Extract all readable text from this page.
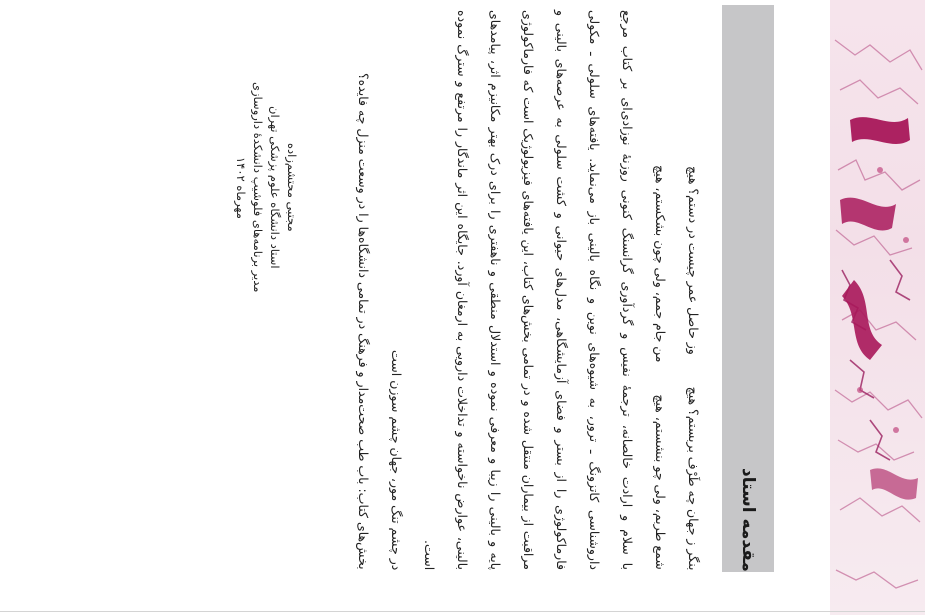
مقدمه استاد
بنگر ز جهان چه طَرْف بربستم؟ هیچ        وز حاصل عمر چیست در دستم؟ هیچ
شمع طربم، ولی چو بنشستم، هیچ        من جام جمم، ولی چون بشکستم، هیچ
با سلام و ارادت خالصانه، ترجمهٔ نفیس و گردآوری گرانسنگ کنونی روزنهٔ نوزادی‌ای بر کتاب مرجع داروشناسی کاتزونگ ـ ترور، به شیوه‌های نوین و نگاه بالینی باز می‌نماید. یافته‌های سلولی ـ مکولی فارماکولوژی را از بستر و فضای آزمایشگاهی، مدل‌های حیوانی و کشت سلولی به عرصه‌های بالینی و مراقبت از بیماران منتقل شده و در تمامی بخش‌های کتاب، این یافته‌های فیزیولوژیک است که فارماکولوژی پایه و بالینی را زیبا و معرفی نموده و استدلال منطقی و ناهفتری را برای درک بهتر مکانیزم اثر، پیامدهای بالینی، عوارض ناخواسته و تداخلات دارویی به ارمغان آورد. جایگاه این اثر ماندگار را مرتفع و سترگ نموده است.
در چشم تنگ مور، جهان چشم سوزن است
بخش‌های کتاب: باب طب صحت‌مدار و فرهنگ در تمامی دانشگاه‌ها را در وسعت منزل چه فایده؟
مجتبی محتشم‌زاده
استاد دانشگاه علوم پزشکی تهران
مدیر برنامه‌های فلوشیپ دانشکدهٔ داروسازی
مهرماه ۱۴۰۲
